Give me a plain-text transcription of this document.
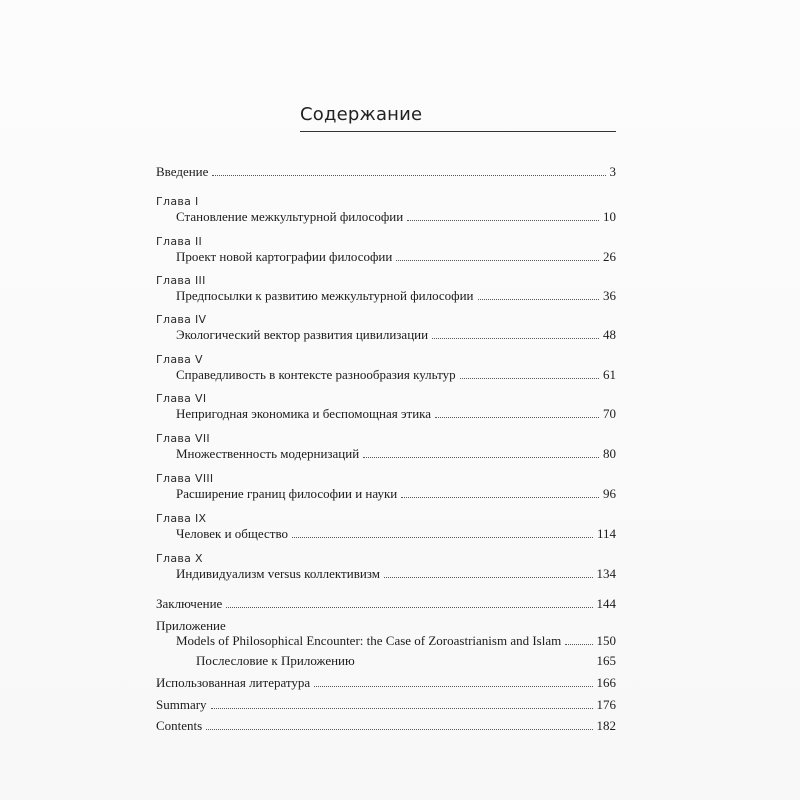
Содержание
Введение	3
Глава I
Становление межкультурной философии	10
Глава II
Проект новой картографии философии	26
Глава III
Предпосылки к развитию межкультурной философии	36
Глава IV
Экологический вектор развития цивилизации	48
Глава V
Справедливость в контексте разнообразия культур	61
Глава VI
Непригодная экономика и беспомощная этика	70
Глава VII
Множественность модернизаций	80
Глава VIII
Расширение границ философии и науки	96
Глава IX
Человек и общество	114
Глава X
Индивидуализм versus коллективизм	134
Заключение	144
Приложение
Models of Philosophical Encounter: the Case of Zoroastrianism and Islam	150
Послесловие к Приложению	165
Использованная литература	166
Summary	176
Contents	182
